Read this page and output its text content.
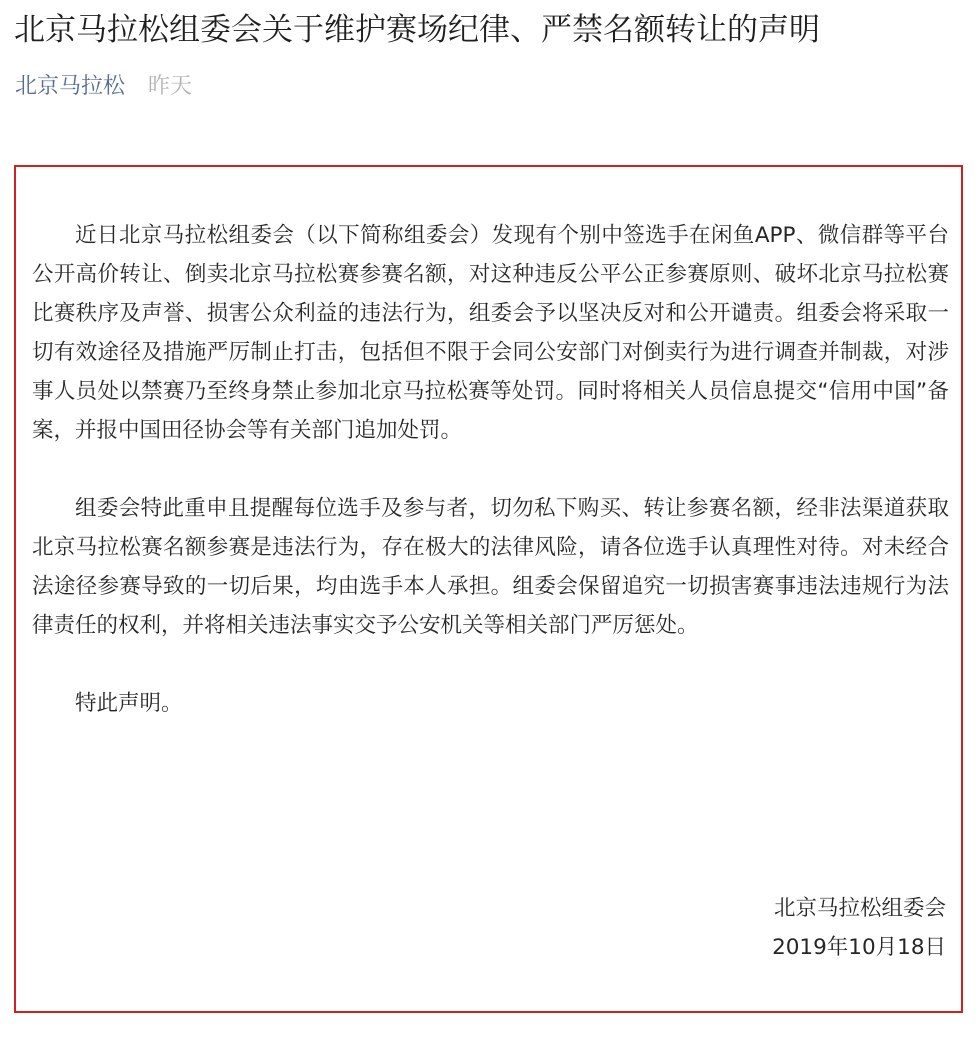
北京马拉松组委会关于维护赛场纪律、严禁名额转让的声明
北京马拉松 昨天

近日北京马拉松组委会（以下简称组委会）发现有个别中签选手在闲鱼APP、微信群等平台公开高价转让、倒卖北京马拉松赛参赛名额，对这种违反公平公正参赛原则、破坏北京马拉松赛比赛秩序及声誉、损害公众利益的违法行为，组委会予以坚决反对和公开谴责。组委会将采取一切有效途径及措施严厉制止打击，包括但不限于会同公安部门对倒卖行为进行调查并制裁，对涉事人员处以禁赛乃至终身禁止参加北京马拉松赛等处罚。同时将相关人员信息提交“信用中国”备案，并报中国田径协会等有关部门追加处罚。

组委会特此重申且提醒每位选手及参与者，切勿私下购买、转让参赛名额，经非法渠道获取北京马拉松赛名额参赛是违法行为，存在极大的法律风险，请各位选手认真理性对待。对未经合法途径参赛导致的一切后果，均由选手本人承担。组委会保留追究一切损害赛事违法违规行为法律责任的权利，并将相关违法事实交予公安机关等相关部门严厉惩处。

特此声明。

北京马拉松组委会
2019年10月18日
